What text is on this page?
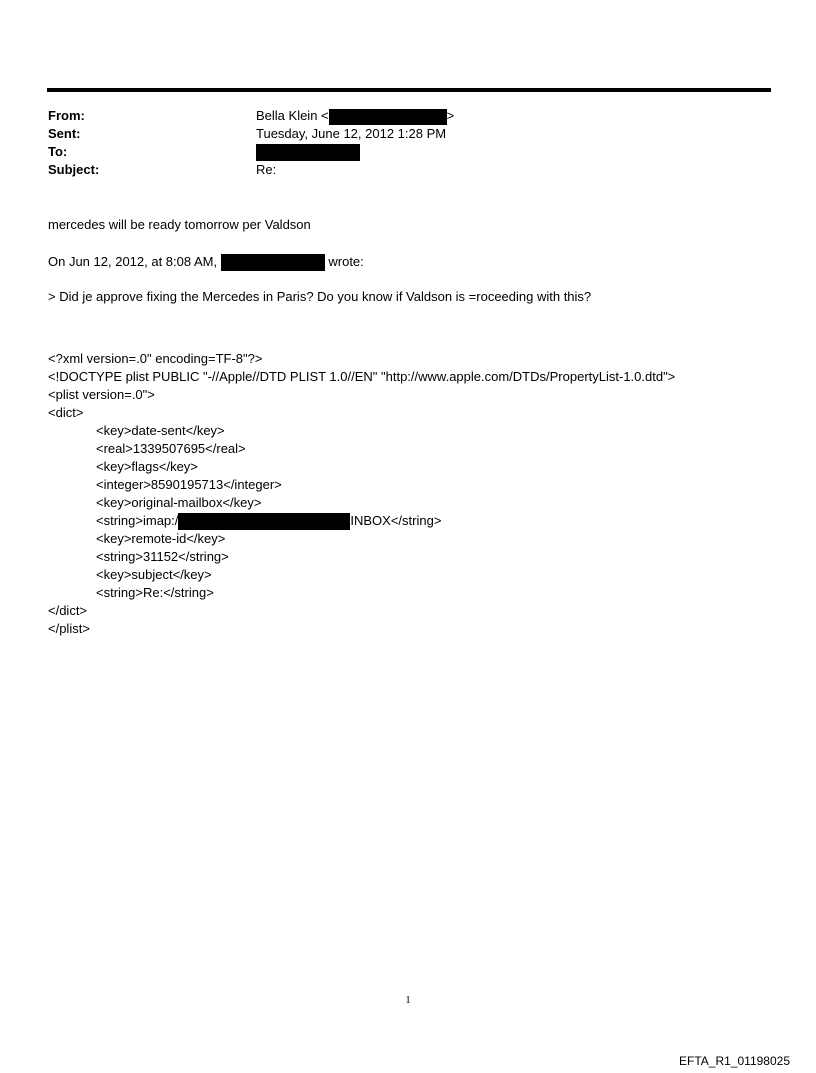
From:	Bella Klein <	>
Sent:	Tuesday, June 12, 2012 1:28 PM
To:
Subject:	Re:
mercedes will be ready tomorrow per Valdson
On Jun 12, 2012, at 8:08 AM,	wrote:
> Did je approve fixing the Mercedes in Paris? Do you know if Valdson is =roceeding with this?
<?xml version=.0" encoding=TF-8"?>
<!DOCTYPE plist PUBLIC "-//Apple//DTD PLIST 1.0//EN" "http://www.apple.com/DTDs/PropertyList-1.0.dtd">
<plist version=.0">
<dict>
<key>date-sent</key>
<real>1339507695</real>
<key>flags</key>
<integer>8590195713</integer>
<key>original-mailbox</key>
<string>imap:/	INBOX</string>
<key>remote-id</key>
<string>31152</string>
<key>subject</key>
<string>Re:</string>
</dict>
</plist>
1
EFTA_R1_01198025
